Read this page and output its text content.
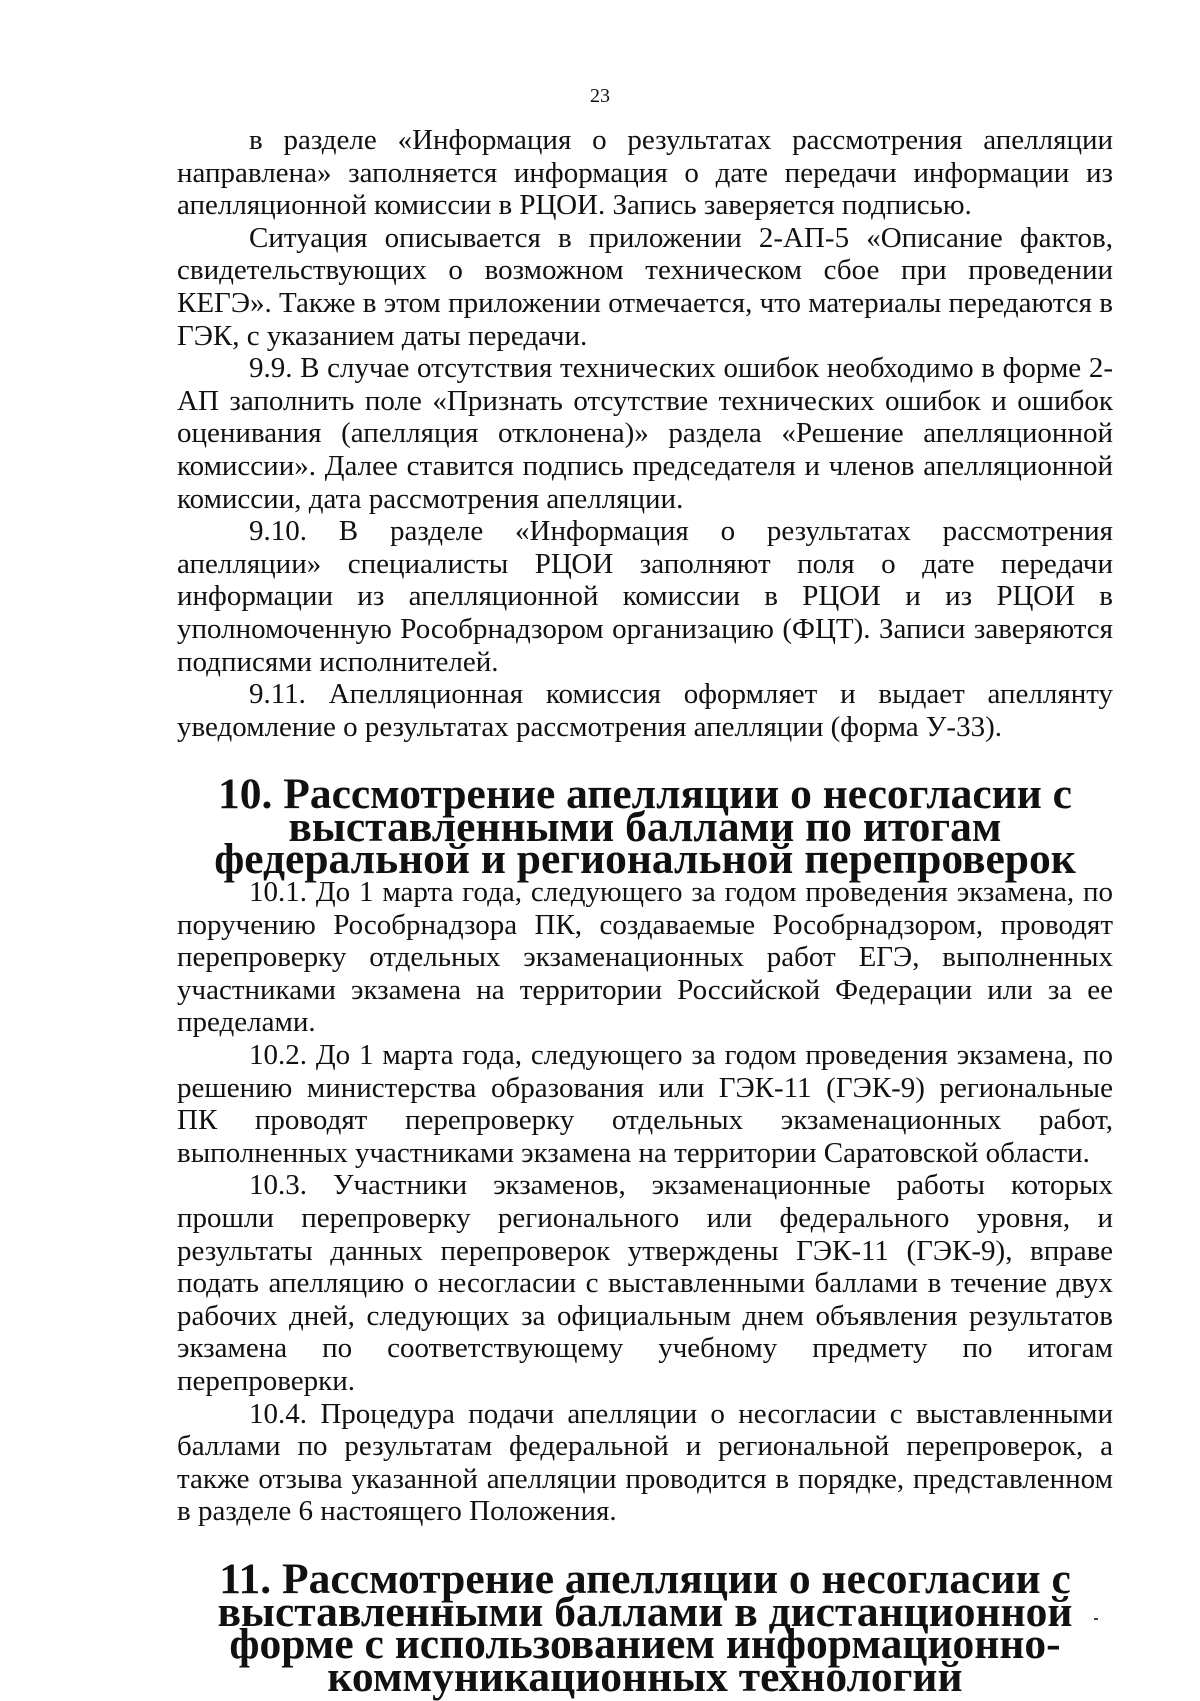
23

в разделе «Информация о результатах рассмотрения апелляции направлена» заполняется информация о дате передачи информации из апелляционной комиссии в РЦОИ. Запись заверяется подписью.

Ситуация описывается в приложении 2-АП-5 «Описание фактов, свидетельствующих о возможном техническом сбое при проведении КЕГЭ». Также в этом приложении отмечается, что материалы передаются в ГЭК, с указанием даты передачи.

9.9. В случае отсутствия технических ошибок необходимо в форме 2-АП заполнить поле «Признать отсутствие технических ошибок и ошибок оценивания (апелляция отклонена)» раздела «Решение апелляционной комиссии». Далее ставится подпись председателя и членов апелляционной комиссии, дата рассмотрения апелляции.

9.10. В разделе «Информация о результатах рассмотрения апелляции» специалисты РЦОИ заполняют поля о дате передачи информации из апелляционной комиссии в РЦОИ и из РЦОИ в уполномоченную Рособрнадзором организацию (ФЦТ). Записи заверяются подписями исполнителей.

9.11. Апелляционная комиссия оформляет и выдает апеллянту уведомление о результатах рассмотрения апелляции (форма У-33).

10. Рассмотрение апелляции о несогласии с выставленными баллами по итогам федеральной и региональной перепроверок

10.1. До 1 марта года, следующего за годом проведения экзамена, по поручению Рособрнадзора ПК, создаваемые Рособрнадзором, проводят перепроверку отдельных экзаменационных работ ЕГЭ, выполненных участниками экзамена на территории Российской Федерации или за ее пределами.

10.2. До 1 марта года, следующего за годом проведения экзамена, по решению министерства образования или ГЭК-11 (ГЭК-9) региональные ПК проводят перепроверку отдельных экзаменационных работ, выполненных участниками экзамена на территории Саратовской области.

10.3. Участники экзаменов, экзаменационные работы которых прошли перепроверку регионального или федерального уровня, и результаты данных перепроверок утверждены ГЭК-11 (ГЭК-9), вправе подать апелляцию о несогласии с выставленными баллами в течение двух рабочих дней, следующих за официальным днем объявления результатов экзамена по соответствующему учебному предмету по итогам перепроверки.

10.4. Процедура подачи апелляции о несогласии с выставленными баллами по результатам федеральной и региональной перепроверок, а также отзыва указанной апелляции проводится в порядке, представленном в разделе 6 настоящего Положения.

11. Рассмотрение апелляции о несогласии с выставленными баллами в дистанционной форме с использованием информационно-коммуникационных технологий
